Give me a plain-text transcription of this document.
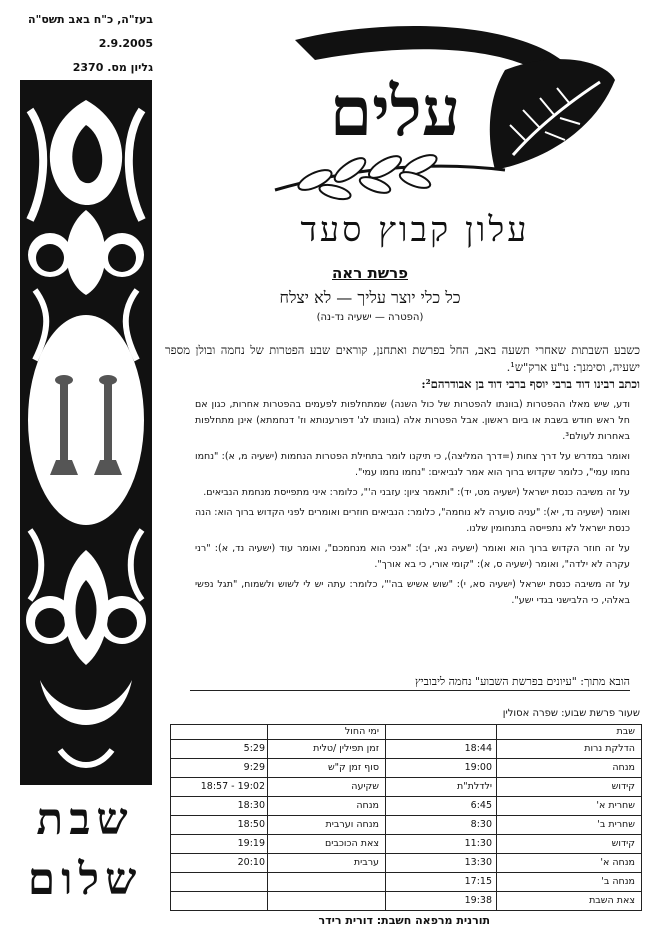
בעז"ה, כ"ח באב תשס"ה
2.9.2005
גליון מס. 2370
שבת
שלום
עלים
עלון קבוץ סעד
פרשת ראה
כל כלי יוצר עליך — לא יצלח
(הפטרה — ישעיה נד-נה)

כשבע השבתות שאחרי תשעה באב, החל בפרשת ואתחנן, קוראים שבע הפטרות של נחמה ובולן מספר ישעיה, וסימנך: נו"ע ארק"ש¹.

וכתב רבינו דוד ברבי יוסף ברבי דוד בן אבודרהם²:

ודע, שיש מאלו ההפטרות (בוונתו להפטרות של כול השנה) שמתחלפות לפעמים בהפטרות אחרות, כגון אם חל ראש חודש בשבת או ביום ראשון. אבל הפטרות אלה (בוונתו לג' דפורענותא וז' דנחמתא) אינן מתחלפות באחרות לעולם³.

ואומר במדרש על דרך צחות (=דרך המליצה), כי תיקנו לומר בתחילת הפטרות הנחמות (ישעיה מ, א): "נחמו נחמו עמי", כלומר שקדוש ברוך הוא אמר לנביאים: "נחמו נחמו עמי".

על זה משיבה כנסת ישראל (ישעיה מט, יד): "ותאמר ציון: עזבני ה'", כלומר: איני מתפייסת מנחמת הנביאים.

ואומר (ישעיה נד, יא): "עניה סוערה לא נוחמה", כלומר: הנביאים חוזרים ואומרים לפני הקדוש ברוך הוא: הנה כנסת ישראל לא נתפייסה בתנחומין שלנו.

על זה חוזר הקדוש ברוך הוא ואומר (ישעיה נא, יב): "אנכי הוא מנחמכם", ואומר עוד (ישעיה נד, א): "רני עקרה לא ילדה", ואומר (ישעיה ס, א): "קומי אורי, כי בא אורך".

על זה משיבה כנסת ישראל (ישעיה סא, י): "שוש אשיש בה'", כלומר: עתה יש לי לשוש ולשמוח, "תגל נפשי באלהי, כי הלבישני בגדי ישע".

הובא מתוך: "עיונים בפרשת השבוע" נחמה ליבוביץ
שעור פרשת שבוע: שפרה אסולין
שבת
הדלקת נרות
18:44
מנחה
19:00
קידוש
ילדלת"ת
שחרית א'
6:45
שחרית ב'
8:30
קידוש
11:30
מנחה א'
13:30
מנחה ב'
17:15
צאת השבת
19:38
ימי החול
זמן תפילין /טלית
5:29
סוף זמן ק"ש
9:29
שקיעה
18:57 - 19:02
מנחה
18:30
מנחה וערבית
18:50
צאת הכוכבים
19:19
ערבית
20:10
תורנית מרפאה חשבת: דורית רידר
